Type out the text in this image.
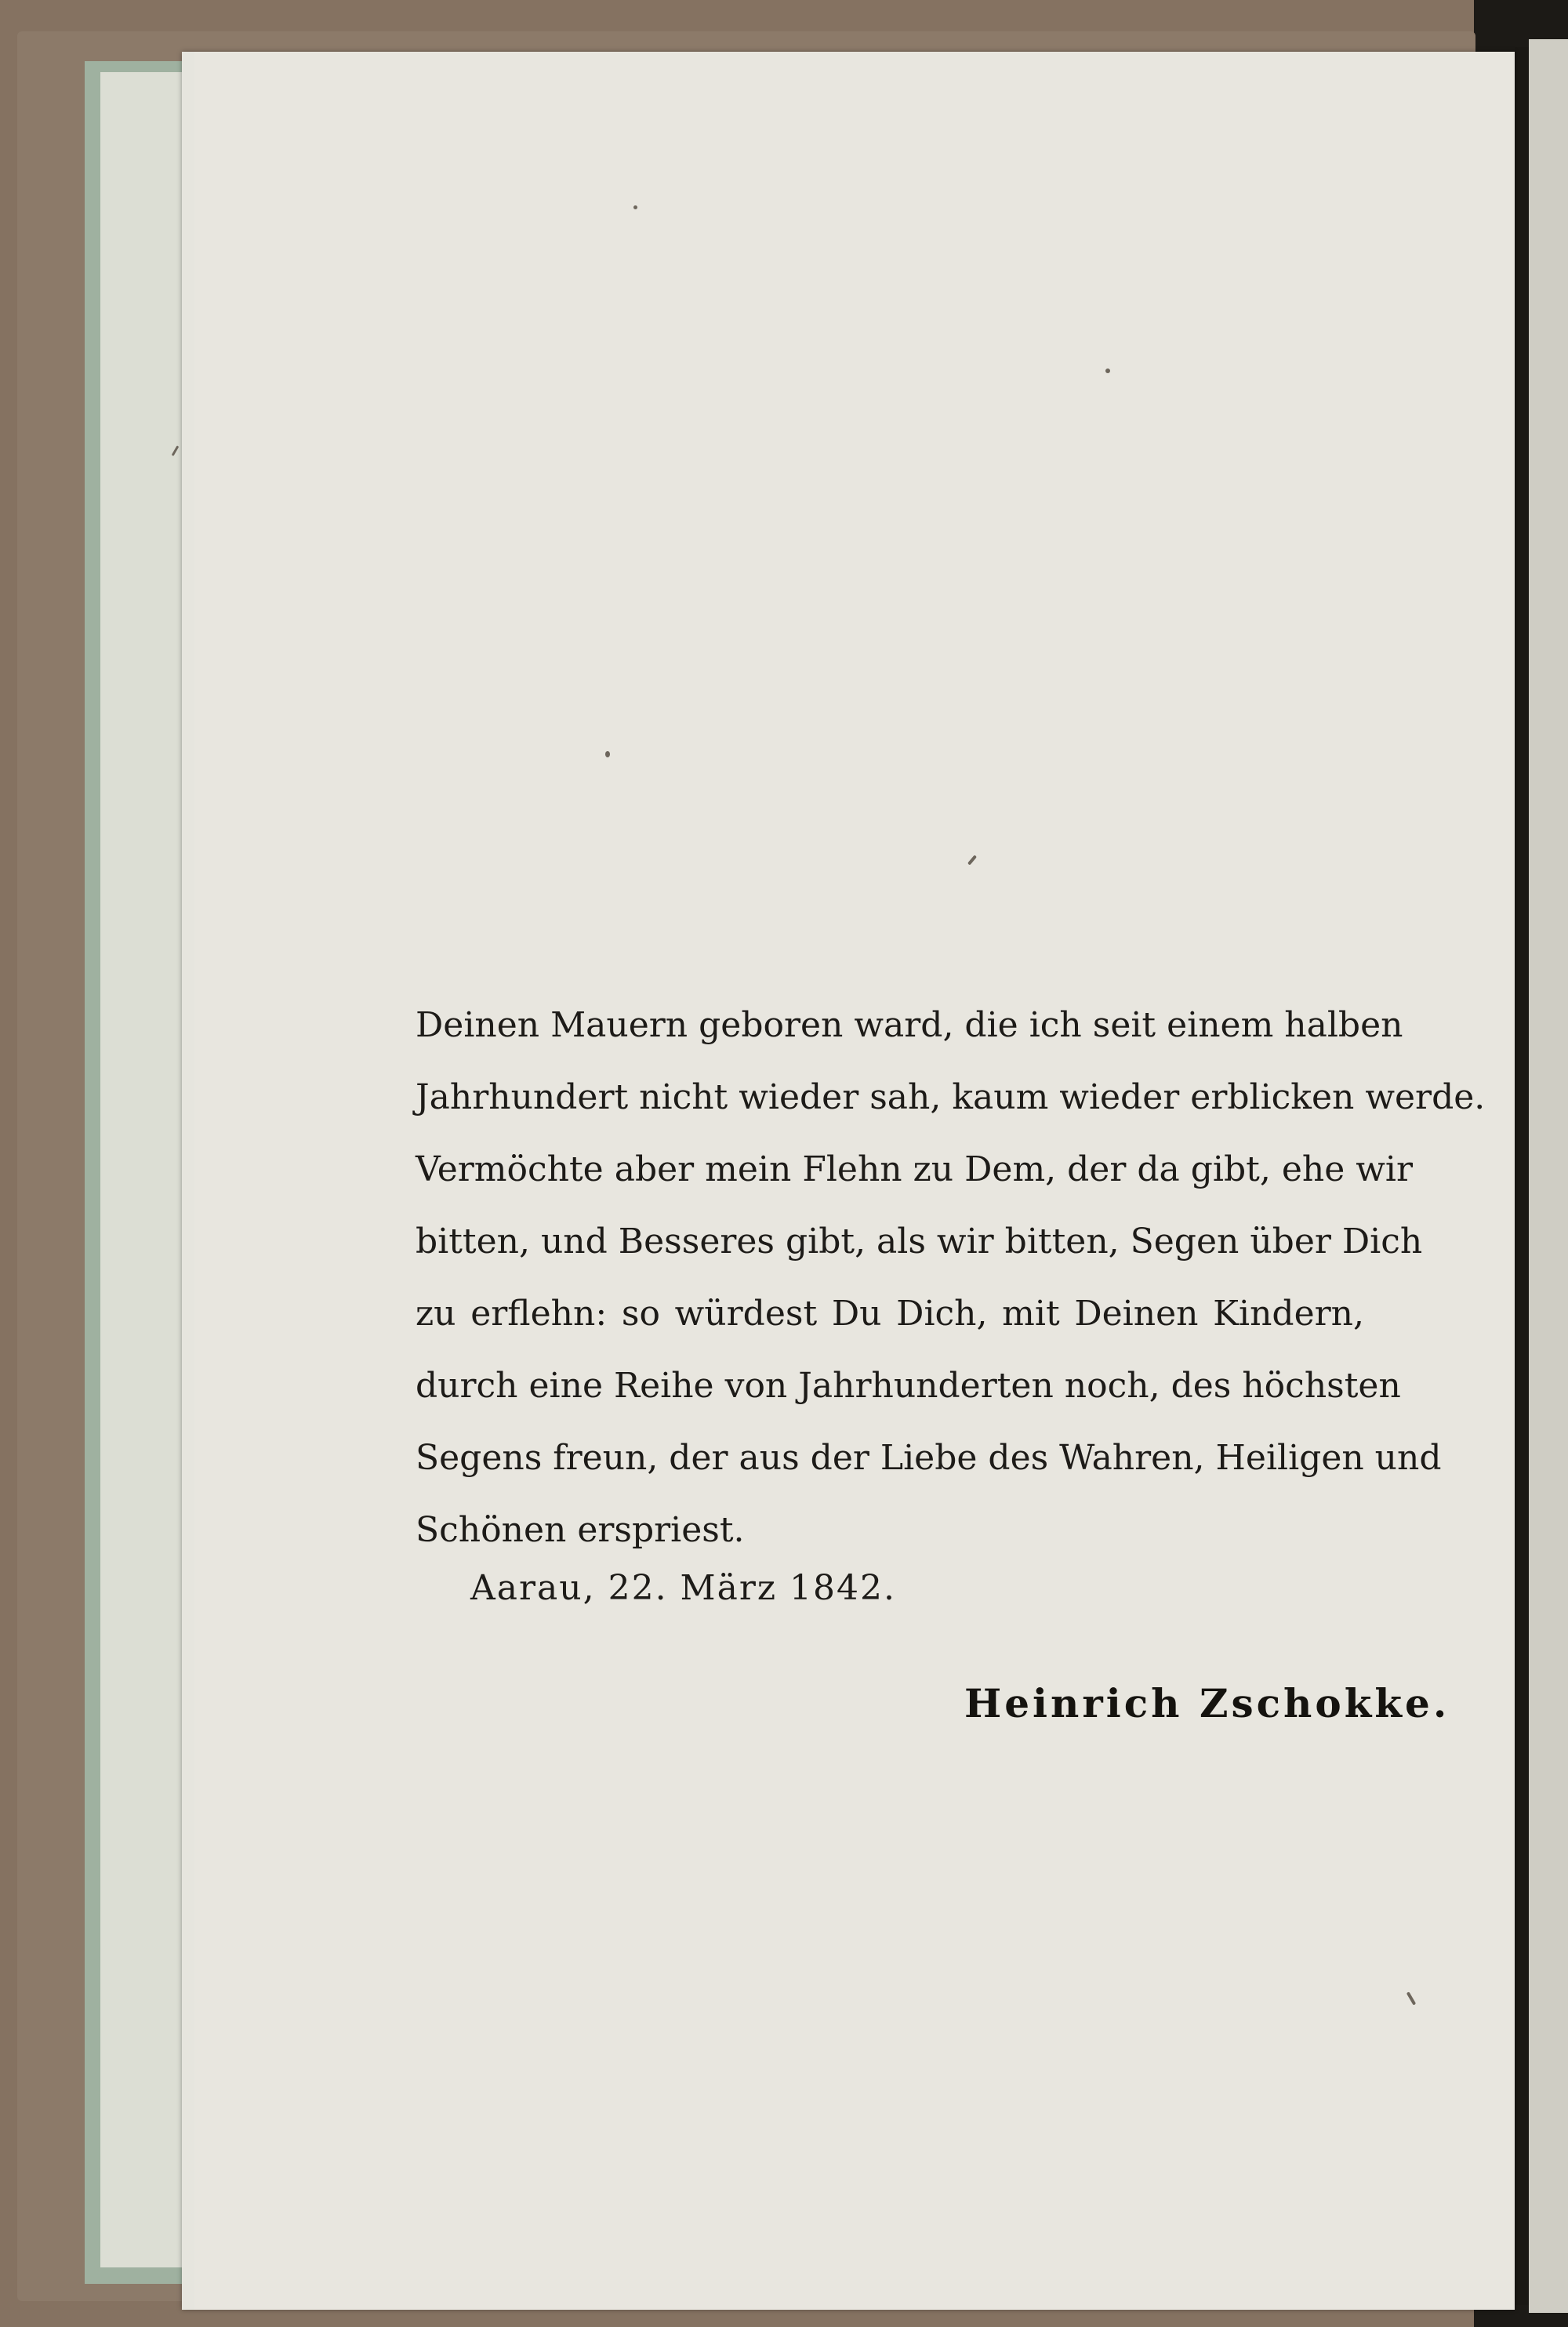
Deinen Mauern geboren ward, die ich seit einem halben
Jahrhundert nicht wieder sah, kaum wieder erblicken werde.
Vermöchte aber mein Flehn zu Dem, der da gibt, ehe wir
bitten, und Besseres gibt, als wir bitten, Segen über Dich
zu erflehn: so würdest Du Dich, mit Deinen Kindern,
durch eine Reihe von Jahrhunderten noch, des höchsten
Segens freun, der aus der Liebe des Wahren, Heiligen und
Schönen erspriest.
Aarau, 22. März 1842.
Heinrich Zschokke.
